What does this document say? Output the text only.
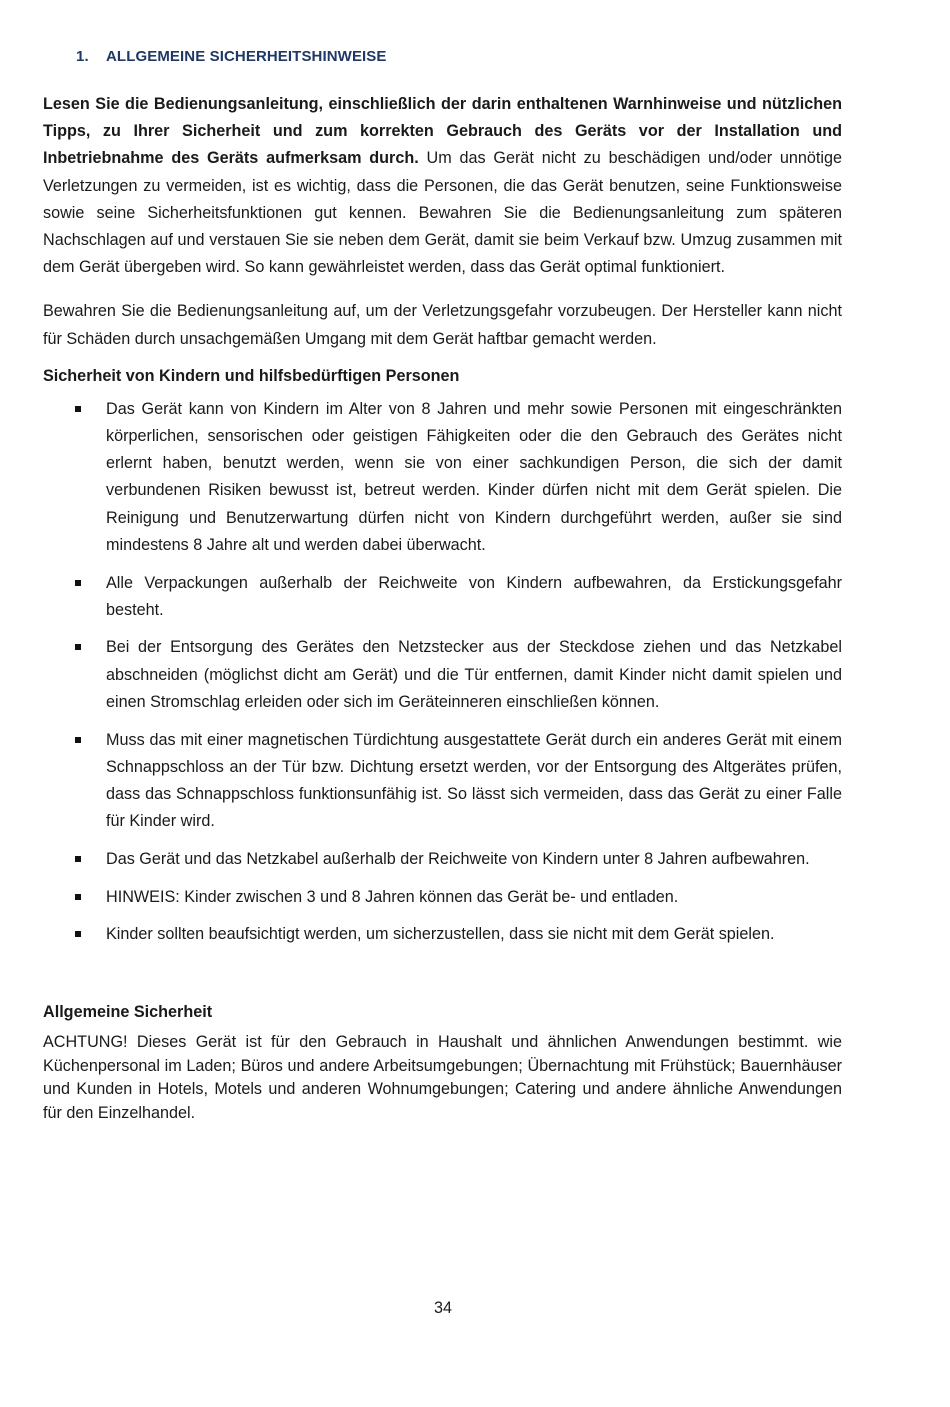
1. ALLGEMEINE SICHERHEITSHINWEISE

Lesen Sie die Bedienungsanleitung, einschließlich der darin enthaltenen Warnhinweise und nützlichen Tipps, zu Ihrer Sicherheit und zum korrekten Gebrauch des Geräts vor der Installation und Inbetriebnahme des Geräts aufmerksam durch. Um das Gerät nicht zu beschädigen und/oder unnötige Verletzungen zu vermeiden, ist es wichtig, dass die Personen, die das Gerät benutzen, seine Funktionsweise sowie seine Sicherheitsfunktionen gut kennen. Bewahren Sie die Bedienungsanleitung zum späteren Nachschlagen auf und verstauen Sie sie neben dem Gerät, damit sie beim Verkauf bzw. Umzug zusammen mit dem Gerät übergeben wird. So kann gewährleistet werden, dass das Gerät optimal funktioniert.

Bewahren Sie die Bedienungsanleitung auf, um der Verletzungsgefahr vorzubeugen. Der Hersteller kann nicht für Schäden durch unsachgemäßen Umgang mit dem Gerät haftbar gemacht werden.

Sicherheit von Kindern und hilfsbedürftigen Personen
Das Gerät kann von Kindern im Alter von 8 Jahren und mehr sowie Personen mit eingeschränkten körperlichen, sensorischen oder geistigen Fähigkeiten oder die den Gebrauch des Gerätes nicht erlernt haben, benutzt werden, wenn sie von einer sachkundigen Person, die sich der damit verbundenen Risiken bewusst ist, betreut werden. Kinder dürfen nicht mit dem Gerät spielen. Die Reinigung und Benutzerwartung dürfen nicht von Kindern durchgeführt werden, außer sie sind mindestens 8 Jahre alt und werden dabei überwacht.
Alle Verpackungen außerhalb der Reichweite von Kindern aufbewahren, da Erstickungsgefahr besteht.
Bei der Entsorgung des Gerätes den Netzstecker aus der Steckdose ziehen und das Netzkabel abschneiden (möglichst dicht am Gerät) und die Tür entfernen, damit Kinder nicht damit spielen und einen Stromschlag erleiden oder sich im Geräteinneren einschließen können.
Muss das mit einer magnetischen Türdichtung ausgestattete Gerät durch ein anderes Gerät mit einem Schnappschloss an der Tür bzw. Dichtung ersetzt werden, vor der Entsorgung des Altgerätes prüfen, dass das Schnappschloss funktionsunfähig ist. So lässt sich vermeiden, dass das Gerät zu einer Falle für Kinder wird.
Das Gerät und das Netzkabel außerhalb der Reichweite von Kindern unter 8 Jahren aufbewahren.
HINWEIS: Kinder zwischen 3 und 8 Jahren können das Gerät be- und entladen.
Kinder sollten beaufsichtigt werden, um sicherzustellen, dass sie nicht mit dem Gerät spielen.
Allgemeine Sicherheit

ACHTUNG! Dieses Gerät ist für den Gebrauch in Haushalt und ähnlichen Anwendungen bestimmt. wie Küchenpersonal im Laden; Büros und andere Arbeitsumgebungen; Übernachtung mit Frühstück; Bauernhäuser und Kunden in Hotels, Motels und anderen Wohnumgebungen; Catering und andere ähnliche Anwendungen für den Einzelhandel.

34
